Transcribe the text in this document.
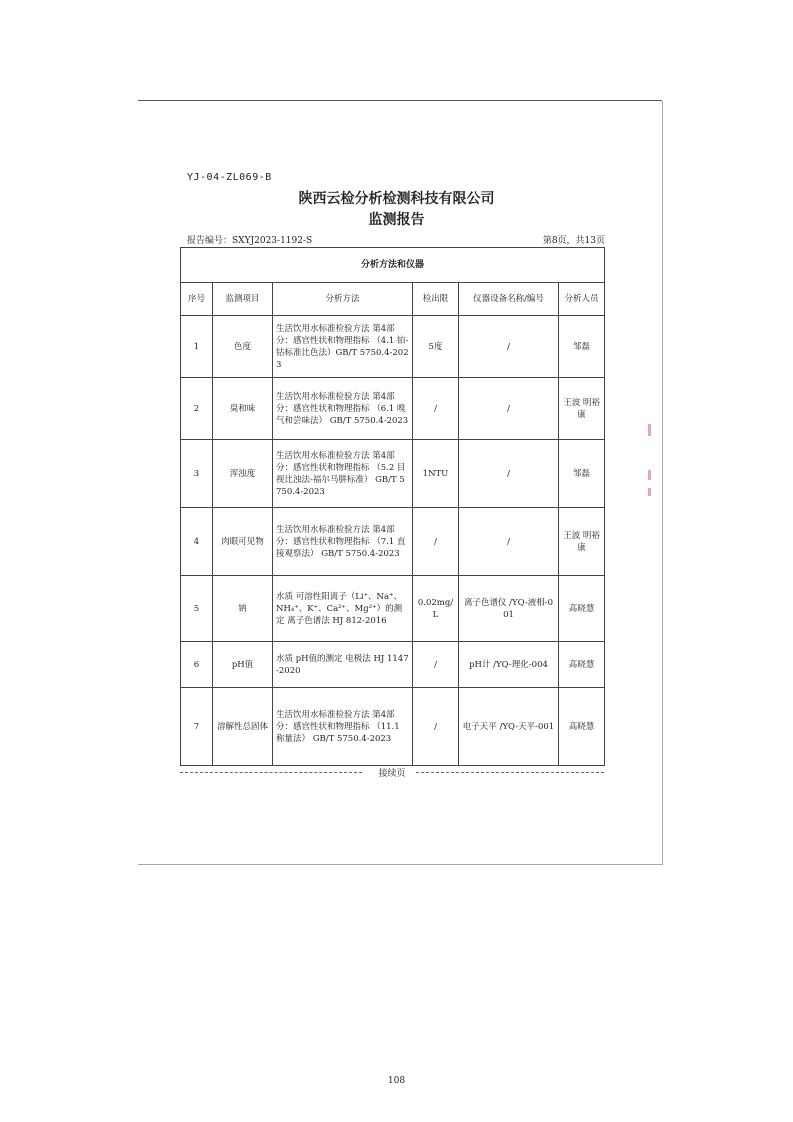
YJ-04-ZL069-B
陕西云检分析检测科技有限公司
监测报告
报告编号：SXYJ2023-1192-S	第8页，共13页
分析方法和仪器					
序号	监测项目	分析方法	检出限	仪器设备名称/编号	分析人员
1	色度	生活饮用水标准检验方法 第4部分：感官性状和物理指标 （4.1 铂-钴标准比色法）GB/T 5750.4-2023	5度	/	邹磊
2	臭和味	生活饮用水标准检验方法 第4部分：感官性状和物理指标 （6.1 嗅气和尝味法） GB/T 5750.4-2023	/	/	王波 明裕康
3	浑浊度	生活饮用水标准检验方法 第4部分：感官性状和物理指标 （5.2 目视比浊法-福尔马肼标准） GB/T 5750.4-2023	1NTU	/	邹磊
4	肉眼可见物	生活饮用水标准检验方法 第4部分：感官性状和物理指标 （7.1 直接观察法） GB/T 5750.4-2023	/	/	王波 明裕康
5	钠	水质 可溶性阳离子（Li⁺、Na⁺、NH₄⁺、K⁺、Ca²⁺、Mg²⁺）的测定 离子色谱法 HJ 812-2016	0.02mg/L	离子色谱仪 /YQ-液相-001	高晓慧
6	pH值	水质 pH值的测定 电极法 HJ 1147-2020	/	pH计 /YQ-理化-004	高晓慧
7	溶解性总固体	生活饮用水标准检验方法 第4部分：感官性状和物理指标 （11.1 称量法） GB/T 5750.4-2023	/	电子天平 /YQ-天平-001	高晓慧
接续页
108
